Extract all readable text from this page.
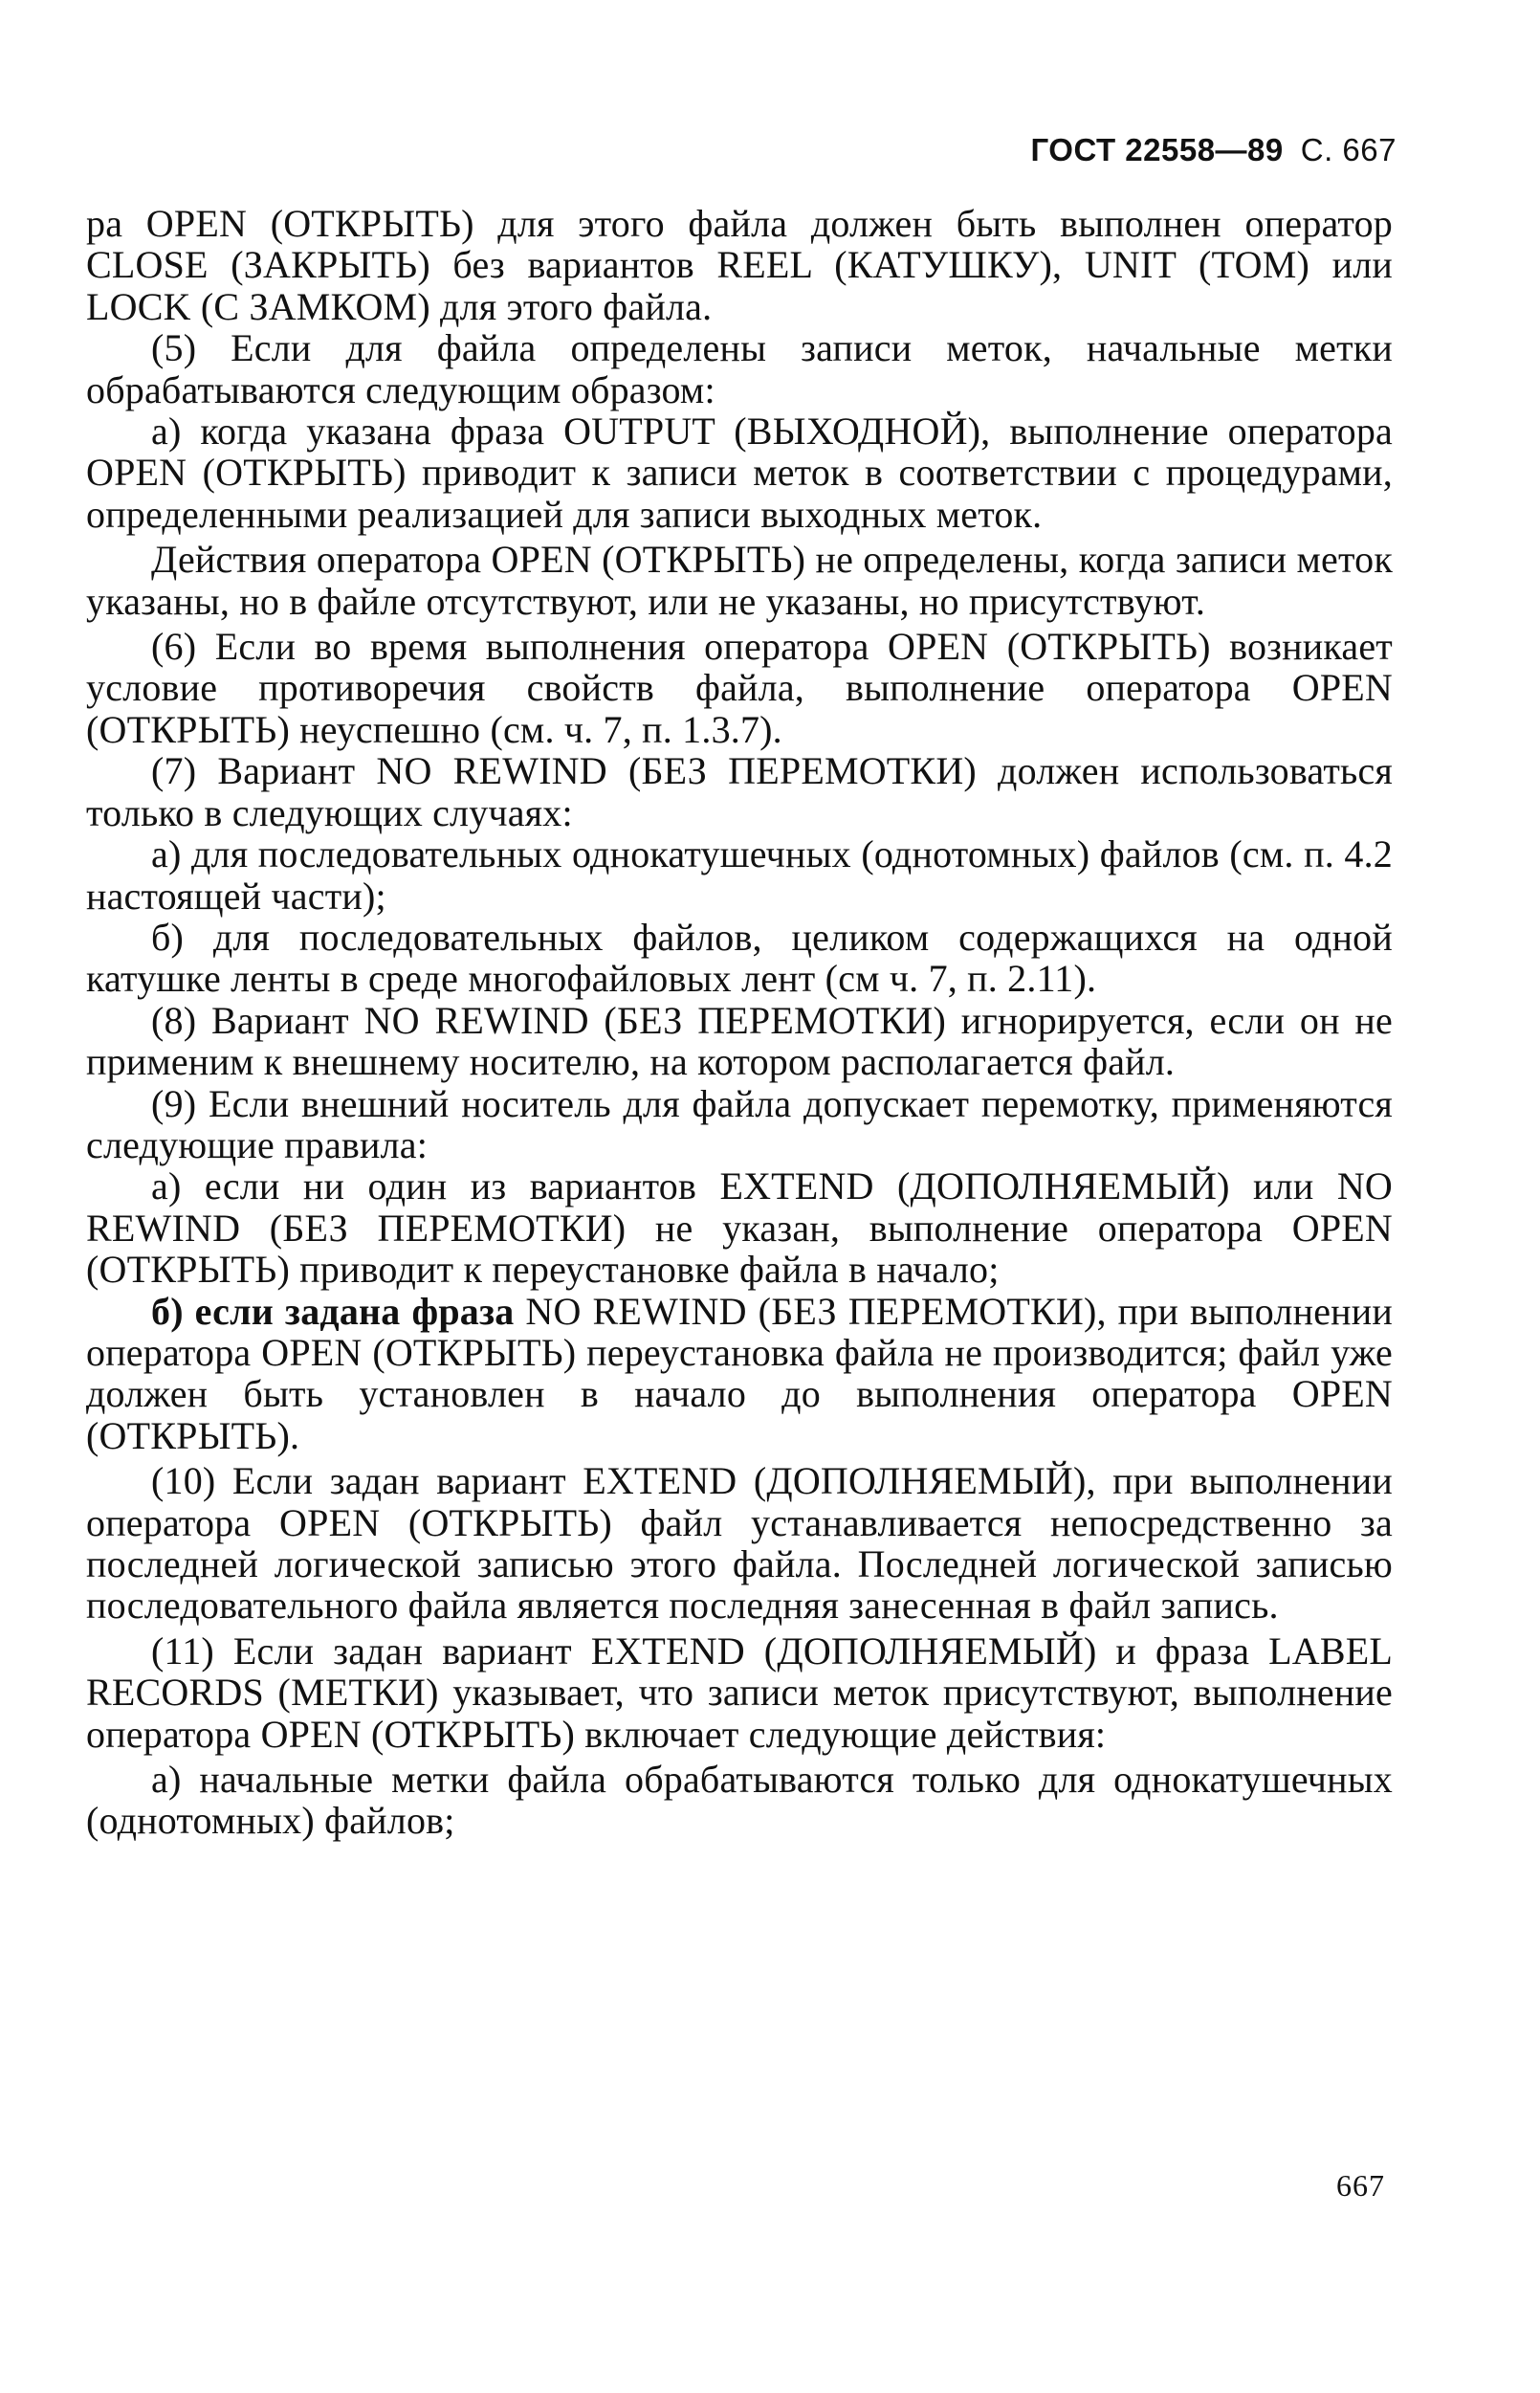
ГОСТ 22558—89 С. 667

ра OPEN (ОТКРЫТЬ) для этого файла должен быть выполнен оператор CLOSE (ЗАКРЫТЬ) без вариантов REEL (КАТУШКУ), UNIT (ТОМ) или LOCK (С ЗАМКОМ) для этого файла.

(5) Если для файла определены записи меток, начальные метки обрабатываются следующим образом:

а) когда указана фраза OUTPUT (ВЫХОДНОЙ), выполнение оператора OPEN (ОТКРЫТЬ) приводит к записи меток в соответствии с процедурами, определенными реализацией для записи выходных меток.

Действия оператора OPEN (ОТКРЫТЬ) не определены, когда записи меток указаны, но в файле отсутствуют, или не указаны, но присутствуют.

(6) Если во время выполнения оператора OPEN (ОТКРЫТЬ) возникает условие противоречия свойств файла, выполнение оператора OPEN (ОТКРЫТЬ) неуспешно (см. ч. 7, п. 1.3.7).

(7) Вариант NO REWIND (БЕЗ ПЕРЕМОТКИ) должен использоваться только в следующих случаях:

а) для последовательных однокатушечных (однотомных) файлов (см. п. 4.2 настоящей части);

б) для последовательных файлов, целиком содержащихся на одной катушке ленты в среде многофайловых лент (см ч. 7, п. 2.11).

(8) Вариант NO REWIND (БЕЗ ПЕРЕМОТКИ) игнорируется, если он не применим к внешнему носителю, на котором располагается файл.

(9) Если внешний носитель для файла допускает перемотку, применяются следующие правила:

а) если ни один из вариантов EXTEND (ДОПОЛНЯЕМЫЙ) или NO REWIND (БЕЗ ПЕРЕМОТКИ) не указан, выполнение оператора OPEN (ОТКРЫТЬ) приводит к переустановке файла в начало;

б) если задана фраза NO REWIND (БЕЗ ПЕРЕМОТКИ), при выполнении оператора OPEN (ОТКРЫТЬ) переустановка файла не производится; файл уже должен быть установлен в начало до выполнения оператора OPEN (ОТКРЫТЬ).

(10) Если задан вариант EXTEND (ДОПОЛНЯЕМЫЙ), при выполнении оператора OPEN (ОТКРЫТЬ) файл устанавливается непосредственно за последней логической записью этого файла. Последней логической записью последовательного файла является последняя занесенная в файл запись.

(11) Если задан вариант EXTEND (ДОПОЛНЯЕМЫЙ) и фраза LABEL RECORDS (МЕТКИ) указывает, что записи меток присутствуют, выполнение оператора OPEN (ОТКРЫТЬ) включает следующие действия:

а) начальные метки файла обрабатываются только для однокатушечных (однотомных) файлов;

667
